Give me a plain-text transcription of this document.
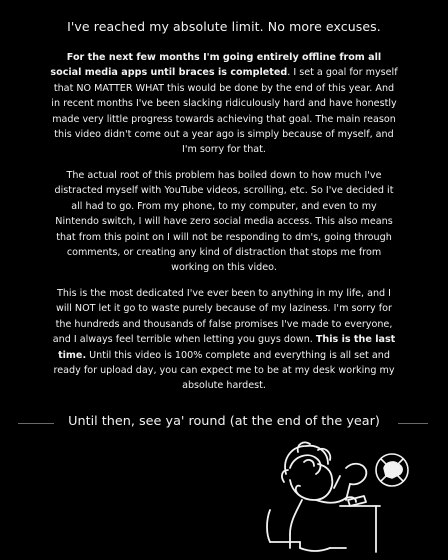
I've reached my absolute limit. No more excuses.

For the next few months I'm going entirely offline from all social media apps until braces is completed. I set a goal for myself that NO MATTER WHAT this would be done by the end of this year. And in recent months I've been slacking ridiculously hard and have honestly made very little progress towards achieving that goal. The main reason this video didn't come out a year ago is simply because of myself, and I'm sorry for that.

The actual root of this problem has boiled down to how much I've distracted myself with YouTube videos, scrolling, etc. So I've decided it all had to go. From my phone, to my computer, and even to my Nintendo switch, I will have zero social media access. This also means that from this point on I will not be responding to dm's, going through comments, or creating any kind of distraction that stops me from working on this video.

This is the most dedicated I've ever been to anything in my life, and I will NOT let it go to waste purely because of my laziness. I'm sorry for the hundreds and thousands of false promises I've made to everyone, and I always feel terrible when letting you guys down. This is the last time. Until this video is 100% complete and everything is all set and ready for upload day, you can expect me to be at my desk working my absolute hardest.

Until then, see ya' round (at the end of the year)
